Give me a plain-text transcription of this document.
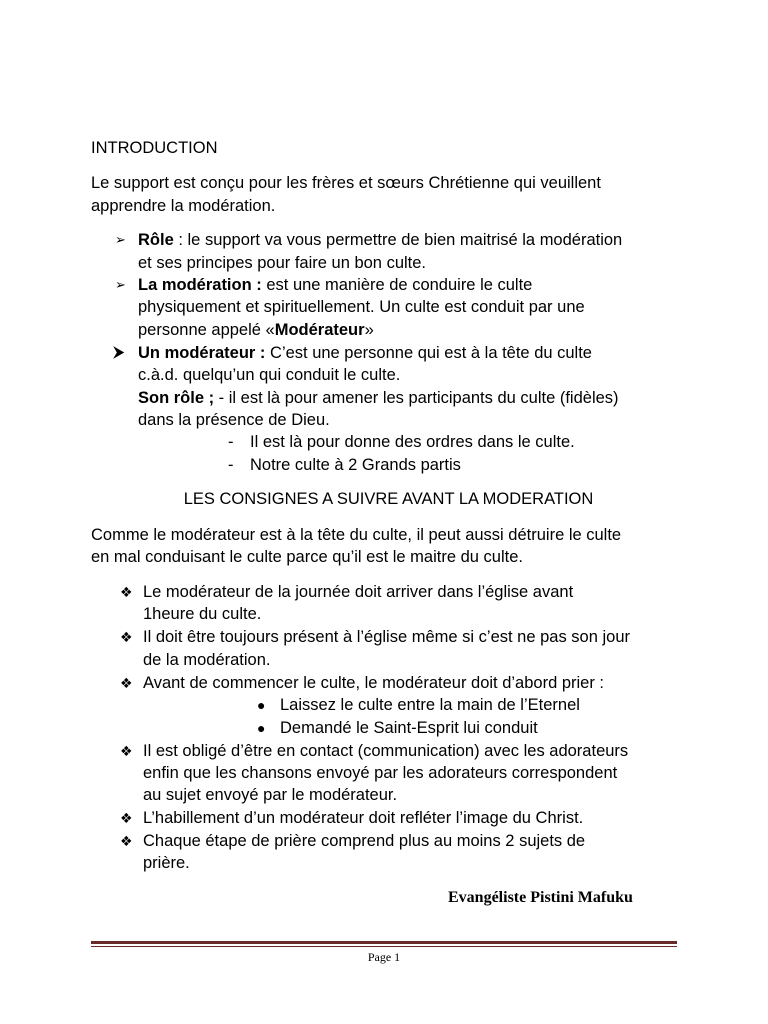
INTRODUCTION
Le support est conçu pour les frères et sœurs Chrétienne qui veuillent
apprendre la modération.
➢ Rôle : le support va vous permettre de bien maitrisé la modération
et ses principes pour faire un bon culte.
➢ La modération : est une manière de conduire le culte
physiquement et spirituellement. Un culte est conduit par une
personne appelé «Modérateur»
⮞ Un modérateur : C’est une personne qui est à la tête du culte
c.à.d. quelqu’un qui conduit le culte.
Son rôle ; - il est là pour amener les participants du culte (fidèles)
dans la présence de Dieu.
- Il est là pour donne des ordres dans le culte.
- Notre culte à 2 Grands partis
LES CONSIGNES A SUIVRE AVANT LA MODERATION
Comme le modérateur est à la tête du culte, il peut aussi détruire le culte
en mal conduisant le culte parce qu’il est le maitre du culte.
❖ Le modérateur de la journée doit arriver dans l’église avant
1heure du culte.
❖ Il doit être toujours présent à l’église même si c’est ne pas son jour
de la modération.
❖ Avant de commencer le culte, le modérateur doit d’abord prier :
● Laissez le culte entre la main de l’Eternel
● Demandé le Saint-Esprit lui conduit
❖ Il est obligé d’être en contact (communication) avec les adorateurs
enfin que les chansons envoyé par les adorateurs correspondent
au sujet envoyé par le modérateur.
❖ L’habillement d’un modérateur doit refléter l’image du Christ.
❖ Chaque étape de prière comprend plus au moins 2 sujets de
prière.
Evangéliste Pistini Mafuku
Page 1
